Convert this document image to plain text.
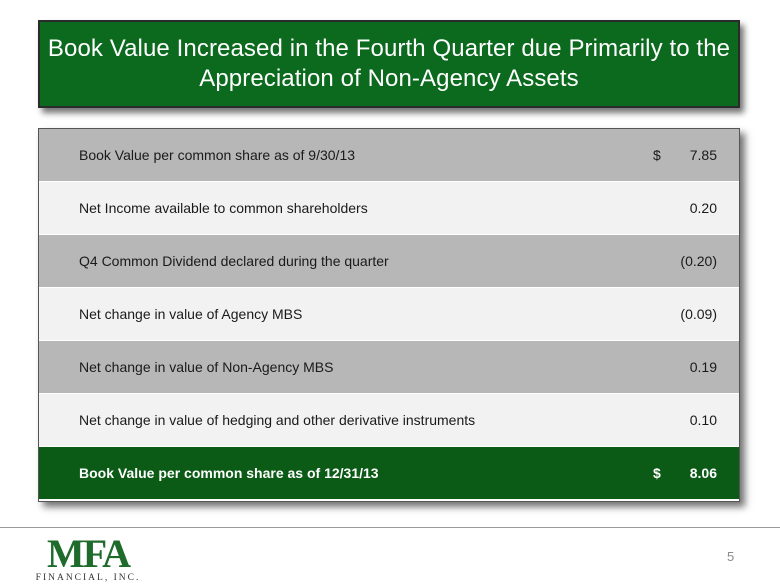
Book Value Increased in the Fourth Quarter due Primarily to the
Appreciation of Non-Agency Assets
Book Value per common share as of 9/30/13	$ 7.85
Net Income available to common shareholders	0.20
Q4 Common Dividend declared during the quarter	(0.20)
Net change in value of Agency MBS	(0.09)
Net change in value of Non-Agency MBS	0.19
Net change in value of hedging and other derivative instruments	0.10
Book Value per common share as of 12/31/13	$ 8.06
MFA
FINANCIAL, INC.
5
